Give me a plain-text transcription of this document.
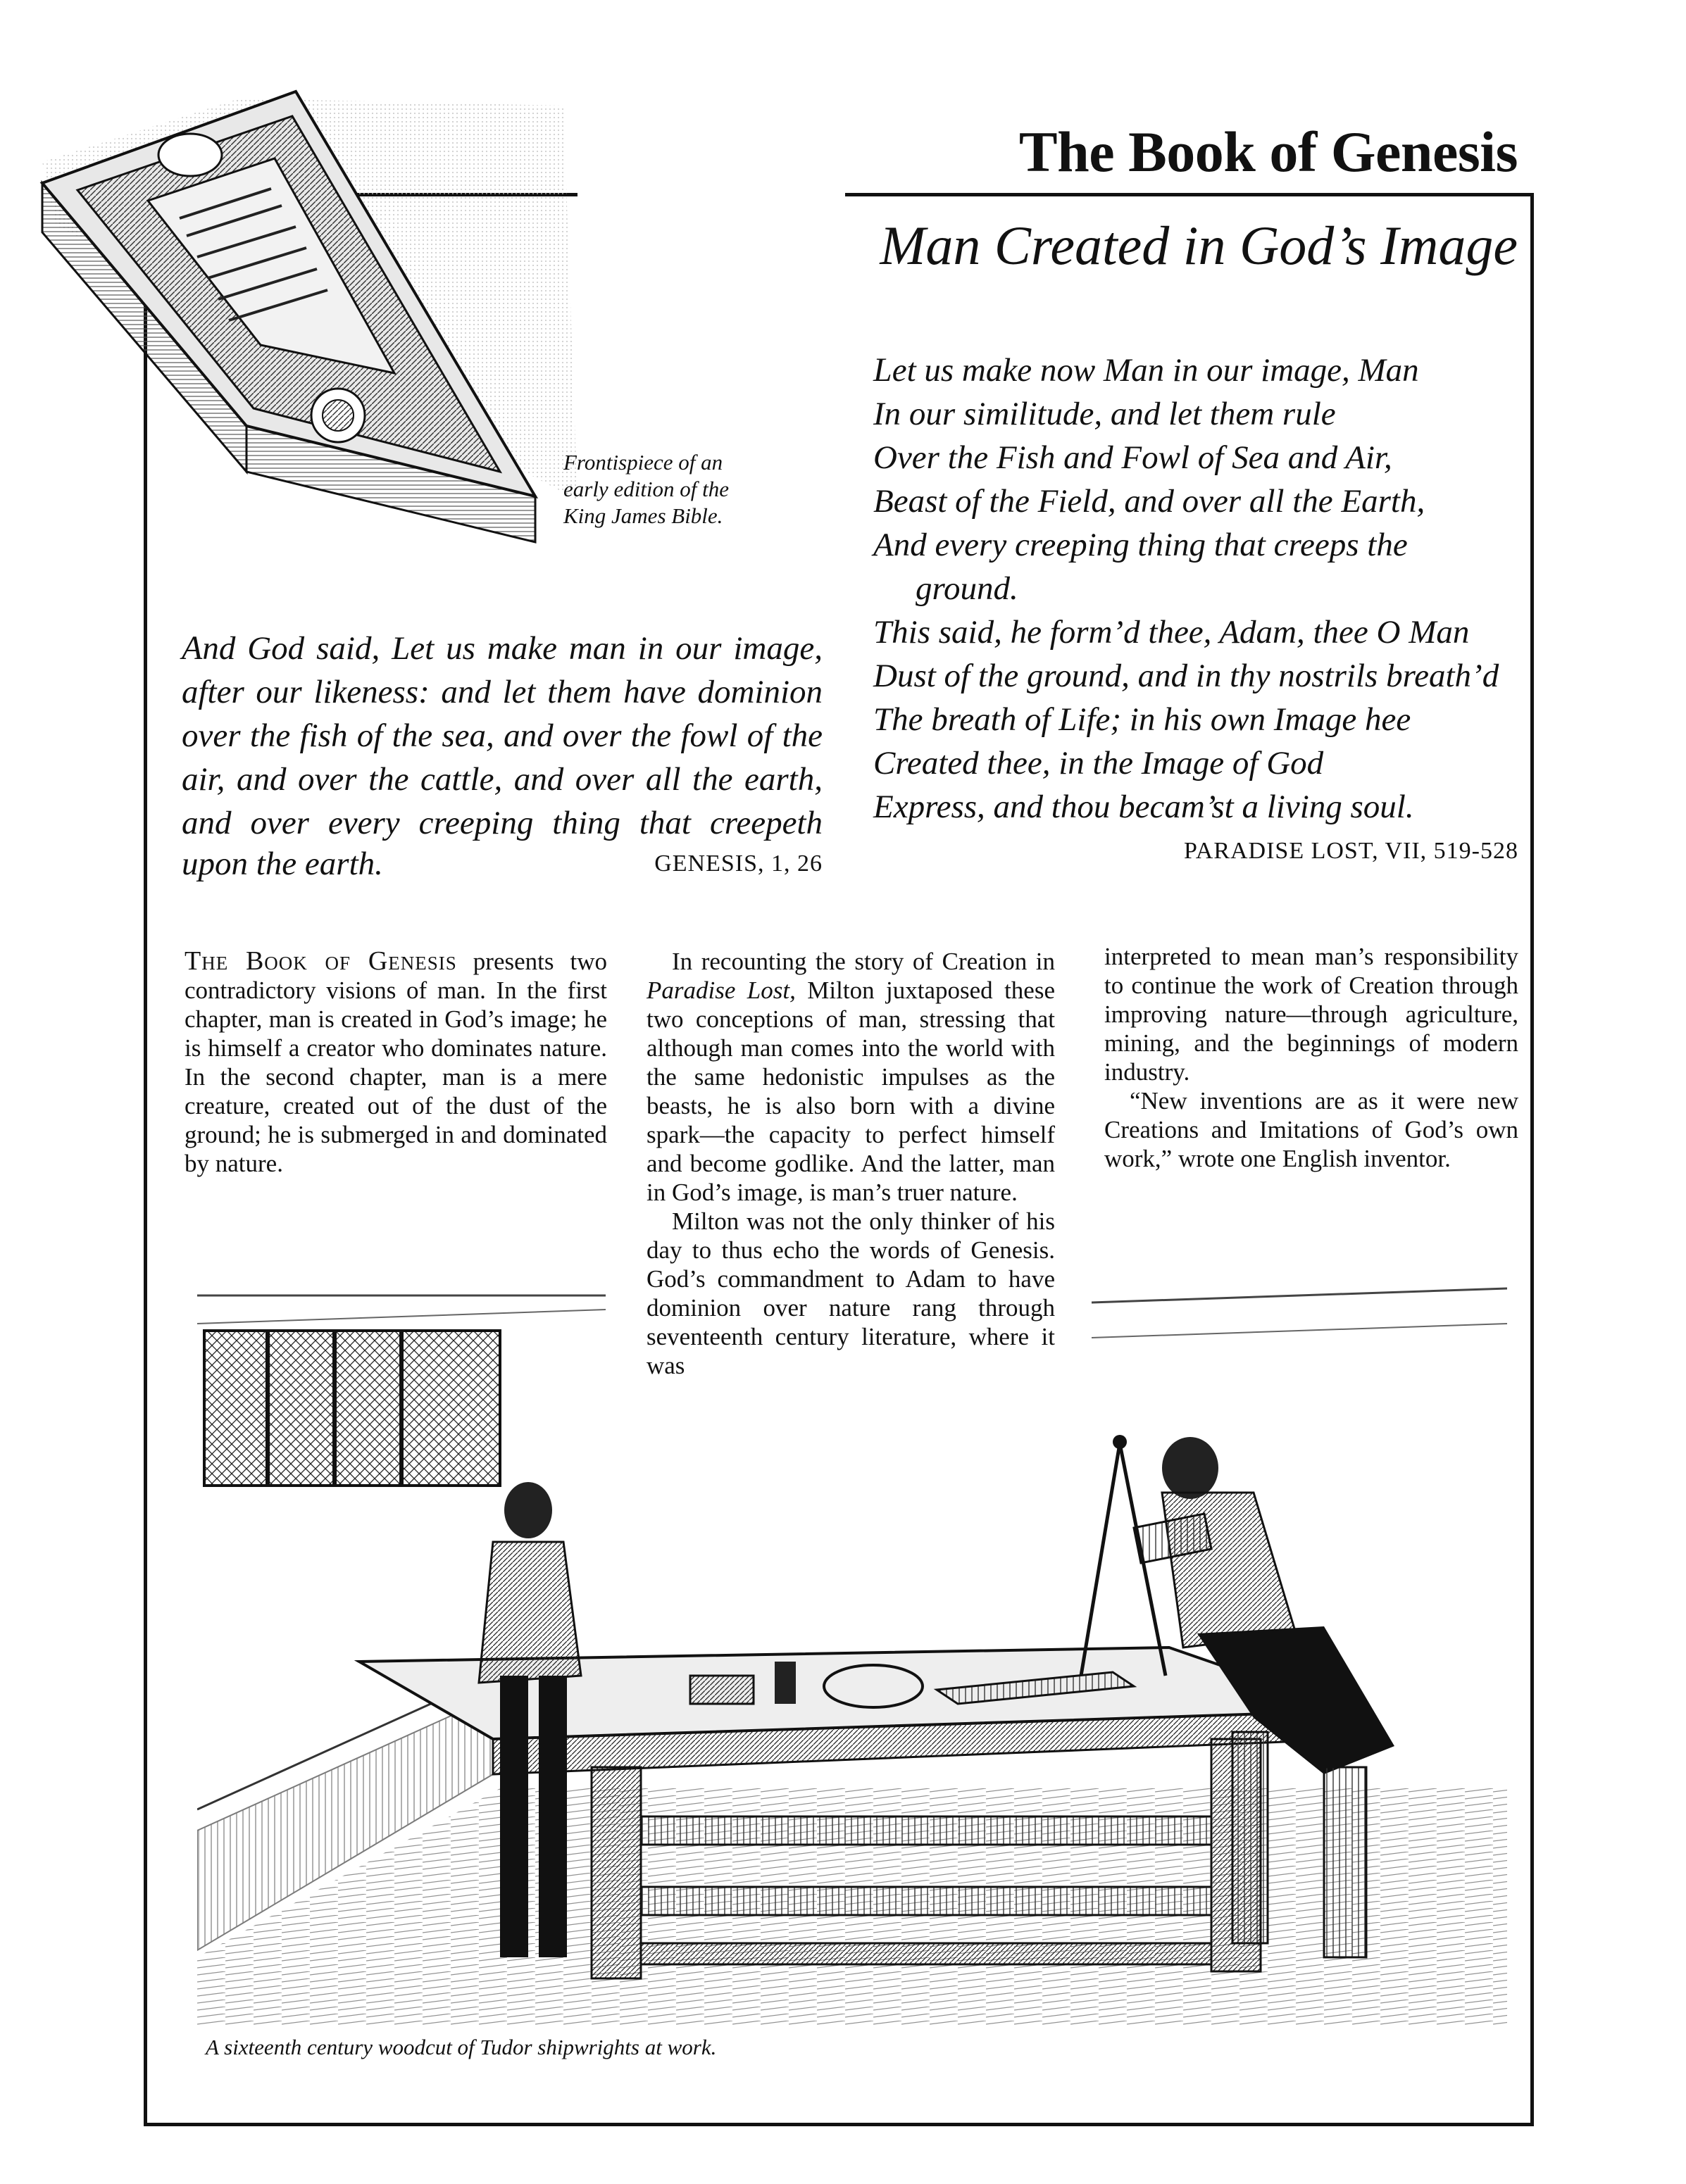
The Book of Genesis
Man Created in God’s Image
Frontispiece of an early edition of the King James Bible.
Let us make now Man in our image, Man
In our similitude, and let them rule
Over the Fish and Fowl of Sea and Air,
Beast of the Field, and over all the Earth,
And every creeping thing that creeps the
ground.
This said, he form’d thee, Adam, thee O Man
Dust of the ground, and in thy nostrils breath’d
The breath of Life; in his own Image hee
Created thee, in the Image of God
Express, and thou becam’st a living soul.
PARADISE LOST, VII, 519-528
And God said, Let us make man in our image,
after our likeness: and let them have dominion
over the fish of the sea, and over the fowl of the
air, and over the cattle, and over all the earth,
and over every creeping thing that creepeth
upon the earth.	GENESIS, 1, 26

The Book of Genesis presents two contradictory visions of man. In the first chapter, man is created in God’s image; he is himself a creator who dominates nature. In the second chapter, man is a mere creature, created out of the dust of the ground; he is submerged in and dominated by nature.

In recounting the story of Creation in Paradise Lost, Milton juxtaposed these two conceptions of man, stressing that although man comes into the world with the same hedonistic impulses as the beasts, he is also born with a divine spark—the capacity to perfect himself and become godlike. And the latter, man in God’s image, is man’s truer nature.

Milton was not the only thinker of his day to thus echo the words of Genesis. God’s commandment to Adam to have dominion over nature rang through seventeenth century literature, where it was

interpreted to mean man’s responsibility to continue the work of Creation through improving nature—through agriculture, mining, and the beginnings of modern industry.

“New inventions are as it were new Creations and Imitations of God’s own work,” wrote one English inventor.

A sixteenth century woodcut of Tudor shipwrights at work.
